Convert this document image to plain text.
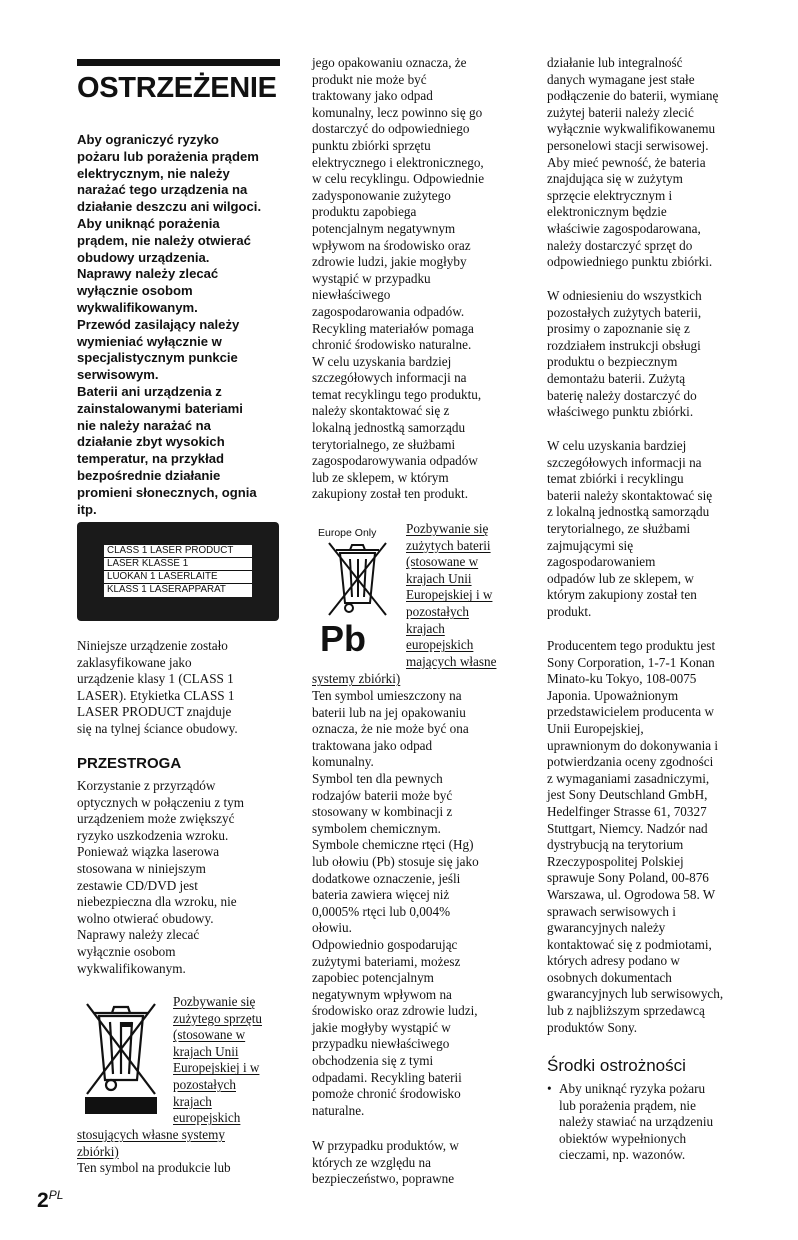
OSTRZEŻENIE
Aby ograniczyć ryzyko
pożaru lub porażenia prądem
elektrycznym, nie należy
narażać tego urządzenia na
działanie deszczu ani wilgoci.
Aby uniknąć porażenia
prądem, nie należy otwierać
obudowy urządzenia.
Naprawy należy zlecać
wyłącznie osobom
wykwalifikowanym.
Przewód zasilający należy
wymieniać wyłącznie w
specjalistycznym punkcie
serwisowym.
Baterii ani urządzenia z
zainstalowanymi bateriami
nie należy narażać na
działanie zbyt wysokich
temperatur, na przykład
bezpośrednie działanie
promieni słonecznych, ognia
itp.
CLASS 1 LASER PRODUCT
LASER KLASSE 1
LUOKAN 1 LASERLAITE
KLASS 1 LASERAPPARAT
Niniejsze urządzenie zostało
zaklasyfikowane jako
urządzenie klasy 1 (CLASS 1
LASER). Etykietka CLASS 1
LASER PRODUCT znajduje
się na tylnej ściance obudowy.
PRZESTROGA
Korzystanie z przyrządów
optycznych w połączeniu z tym
urządzeniem może zwiększyć
ryzyko uszkodzenia wzroku.
Ponieważ wiązka laserowa
stosowana w niniejszym
zestawie CD/DVD jest
niebezpieczna dla wzroku, nie
wolno otwierać obudowy.
Naprawy należy zlecać
wyłącznie osobom
wykwalifikowanym.
Pozbywanie się
zużytego sprzętu
(stosowane w
krajach Unii
Europejskiej i w
pozostałych
krajach
europejskich
stosujących własne systemy
zbiórki)
Ten symbol na produkcie lub
jego opakowaniu oznacza, że
produkt nie może być
traktowany jako odpad
komunalny, lecz powinno się go
dostarczyć do odpowiedniego
punktu zbiórki sprzętu
elektrycznego i elektronicznego,
w celu recyklingu. Odpowiednie
zadysponowanie zużytego
produktu zapobiega
potencjalnym negatywnym
wpływom na środowisko oraz
zdrowie ludzi, jakie mogłyby
wystąpić w przypadku
niewłaściwego
zagospodarowania odpadów.
Recykling materiałów pomaga
chronić środowisko naturalne.
W celu uzyskania bardziej
szczegółowych informacji na
temat recyklingu tego produktu,
należy skontaktować się z
lokalną jednostką samorządu
terytorialnego, ze służbami
zagospodarowywania odpadów
lub ze sklepem, w którym
zakupiony został ten produkt.
Europe Only
Pb
Pozbywanie się
zużytych baterii
(stosowane w
krajach Unii
Europejskiej i w
pozostałych
krajach
europejskich
mających własne
systemy zbiórki)
Ten symbol umieszczony na
baterii lub na jej opakowaniu
oznacza, że nie może być ona
traktowana jako odpad
komunalny.
Symbol ten dla pewnych
rodzajów baterii może być
stosowany w kombinacji z
symbolem chemicznym.
Symbole chemiczne rtęci (Hg)
lub ołowiu (Pb) stosuje się jako
dodatkowe oznaczenie, jeśli
bateria zawiera więcej niż
0,0005% rtęci lub 0,004%
ołowiu.
Odpowiednio gospodarując
zużytymi bateriami, możesz
zapobiec potencjalnym
negatywnym wpływom na
środowisko oraz zdrowie ludzi,
jakie mogłyby wystąpić w
przypadku niewłaściwego
obchodzenia się z tymi
odpadami. Recykling baterii
pomoże chronić środowisko
naturalne.
W przypadku produktów, w
których ze względu na
bezpieczeństwo, poprawne
działanie lub integralność
danych wymagane jest stałe
podłączenie do baterii, wymianę
zużytej baterii należy zlecić
wyłącznie wykwalifikowanemu
personelowi stacji serwisowej.
Aby mieć pewność, że bateria
znajdująca się w zużytym
sprzęcie elektrycznym i
elektronicznym będzie
właściwie zagospodarowana,
należy dostarczyć sprzęt do
odpowiedniego punktu zbiórki.
W odniesieniu do wszystkich
pozostałych zużytych baterii,
prosimy o zapoznanie się z
rozdziałem instrukcji obsługi
produktu o bezpiecznym
demontażu baterii. Zużytą
baterię należy dostarczyć do
właściwego punktu zbiórki.
W celu uzyskania bardziej
szczegółowych informacji na
temat zbiórki i recyklingu
baterii należy skontaktować się
z lokalną jednostką samorządu
terytorialnego, ze służbami
zajmującymi się
zagospodarowaniem
odpadów lub ze sklepem, w
którym zakupiony został ten
produkt.
Producentem tego produktu jest
Sony Corporation, 1-7-1 Konan
Minato-ku Tokyo, 108-0075
Japonia. Upoważnionym
przedstawicielem producenta w
Unii Europejskiej,
uprawnionym do dokonywania i
potwierdzania oceny zgodności
z wymaganiami zasadniczymi,
jest Sony Deutschland GmbH,
Hedelfinger Strasse 61, 70327
Stuttgart, Niemcy. Nadzór nad
dystrybucją na terytorium
Rzeczypospolitej Polskiej
sprawuje Sony Poland, 00-876
Warszawa, ul. Ogrodowa 58. W
sprawach serwisowych i
gwarancyjnych należy
kontaktować się z podmiotami,
których adresy podano w
osobnych dokumentach
gwarancyjnych lub serwisowych,
lub z najbliższym sprzedawcą
produktów Sony.
Środki ostrożności
• Aby uniknąć ryzyka pożaru
lub porażenia prądem, nie
należy stawiać na urządzeniu
obiektów wypełnionych
cieczami, np. wazonów.
$2^{PL}$
